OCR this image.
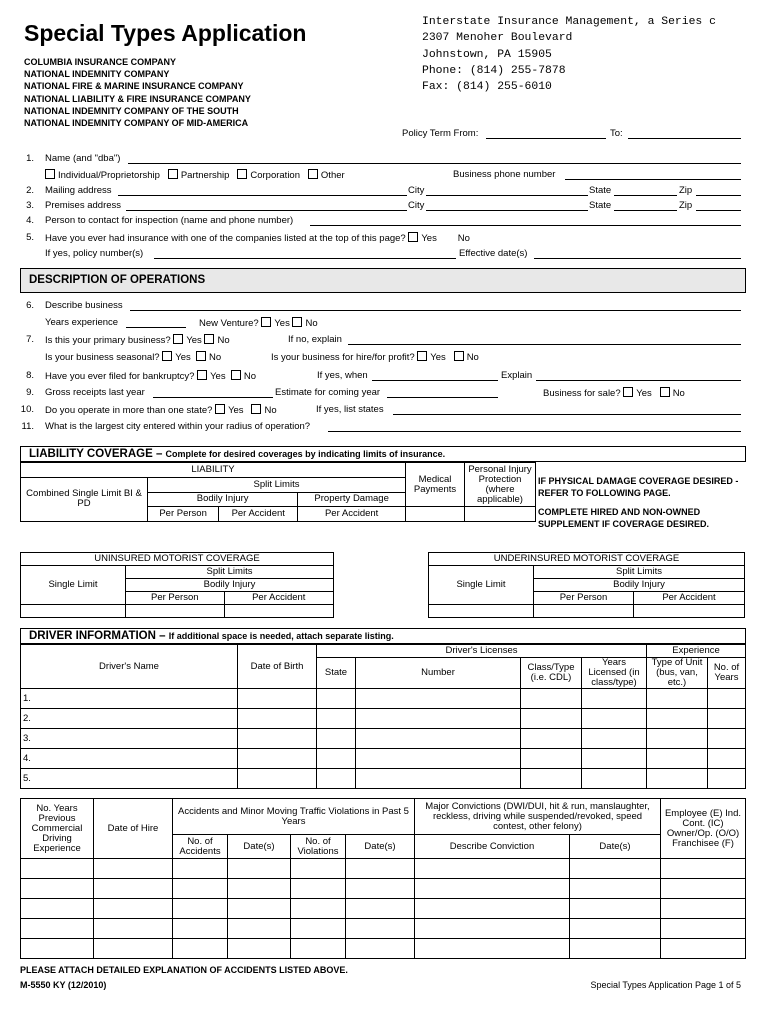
Special Types Application
COLUMBIA INSURANCE COMPANY
NATIONAL INDEMNITY COMPANY
NATIONAL FIRE & MARINE INSURANCE COMPANY
NATIONAL LIABILITY & FIRE INSURANCE COMPANY
NATIONAL INDEMNITY COMPANY OF THE SOUTH
NATIONAL INDEMNITY COMPANY OF MID-AMERICA
Interstate Insurance Management, a Series c
2307 Menoher Boulevard
Johnstown, PA 15905
Phone: (814) 255-7878
Fax: (814) 255-6010
Policy Term From:	To:
1. Name (and "dba")
Individual/Proprietorship Partnership Corporation Other	Business phone number
2. Mailing address	City	State	Zip
3. Premises address	City	State	Zip
4. Person to contact for inspection (name and phone number)
5. Have you ever had insurance with one of the companies listed at the top of this page? Yes No
If yes, policy number(s)	Effective date(s)
DESCRIPTION OF OPERATIONS
6. Describe business
Years experience	New Venture? Yes No
7. Is this your primary business? Yes No	If no, explain
Is your business seasonal? Yes No	Is your business for hire/for profit? Yes No
8. Have you ever filed for bankruptcy? Yes No	If yes, when	Explain
9. Gross receipts last year	Estimate for coming year	Business for sale? Yes No
10. Do you operate in more than one state? Yes No	If yes, list states
11. What is the largest city entered within your radius of operation?
LIABILITY COVERAGE – Complete for desired coverages by indicating limits of insurance.
LIABILITY				Medical Payments	Personal Injury Protection (where applicable)
Combined Single Limit BI & PD	Split Limits				
	Bodily Injury		Property Damage		
	Per Person	Per Accident	Per Accident		
IF PHYSICAL DAMAGE COVERAGE DESIRED - REFER TO FOLLOWING PAGE.
COMPLETE HIRED AND NON-OWNED SUPPLEMENT IF COVERAGE DESIRED.
UNINSURED MOTORIST COVERAGE		
Single Limit	Split Limits	
	Bodily Injury	
	Per Person	Per Accident

UNDERINSURED MOTORIST COVERAGE		
Single Limit	Split Limits	
	Bodily Injury	
	Per Person	Per Accident

DRIVER INFORMATION – If additional space is needed, attach separate listing.
Driver's Name	Date of Birth	Driver's Licenses				Experience	
		State	Number	Class/Type (i.e. CDL)	Years Licensed (in class/type)	Type of Unit (bus, van, etc.)	No. of Years
1.							
2.							
3.							
4.							
5.							
No. Years Previous Commercial Driving Experience	Date of Hire	Accidents and Minor Moving Traffic Violations in Past 5 Years				Major Convictions (DWI/DUI, hit & run, manslaughter, reckless, driving while suspended/revoked, speed contest, other felony)		Employee (E) Ind. Cont. (IC) Owner/Op. (O/O) Franchisee (F)
		No. of Accidents	Date(s)	No. of Violations	Date(s)	Describe Conviction	Date(s)	

PLEASE ATTACH DETAILED EXPLANATION OF ACCIDENTS LISTED ABOVE.
M-5550 KY (12/2010)	Special Types Application Page 1 of 5
